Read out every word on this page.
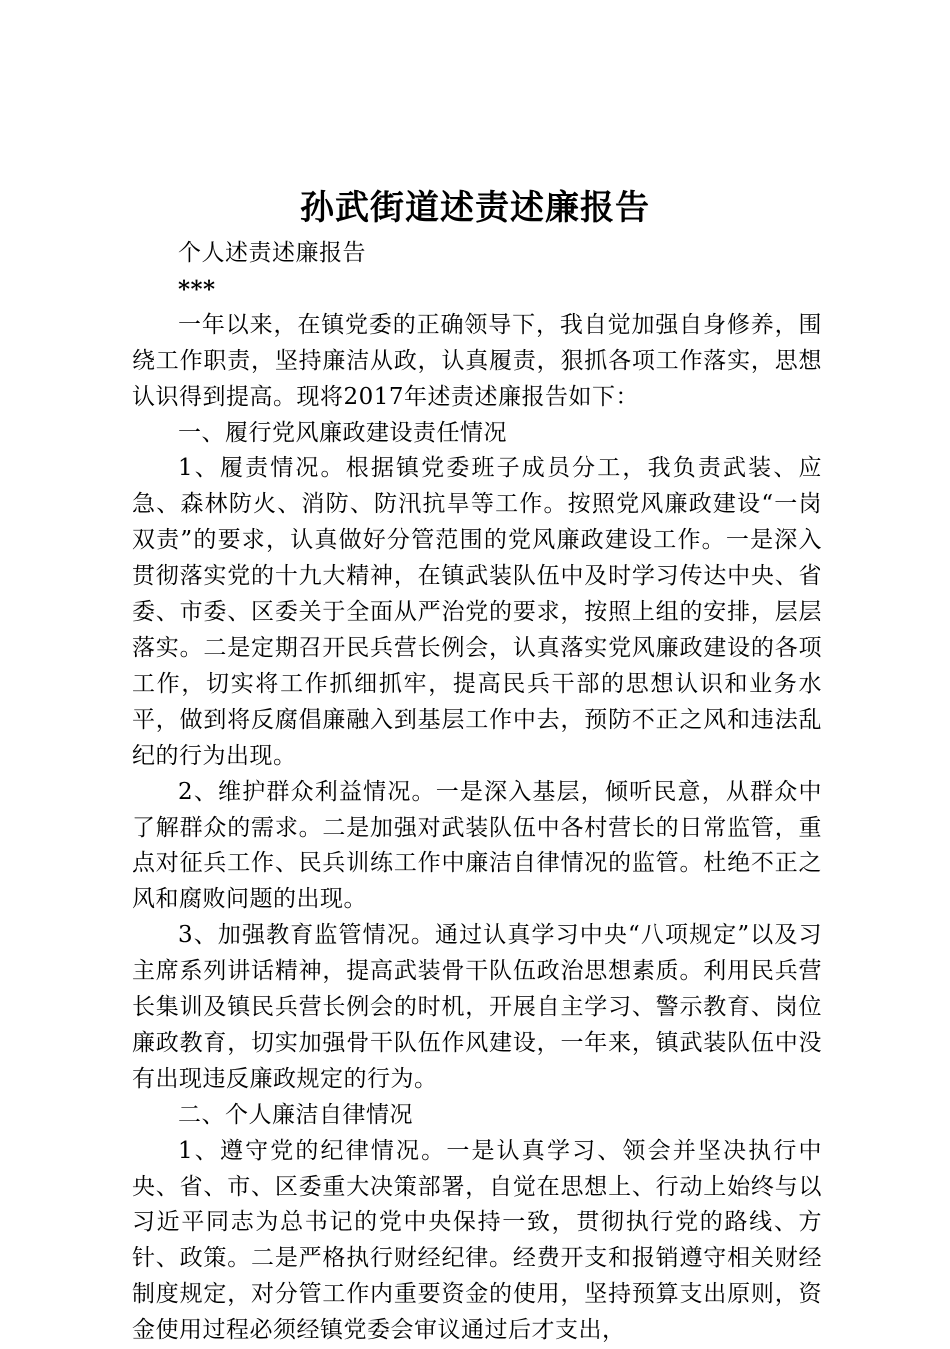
孙武街道述责述廉报告

个人述责述廉报告

***

一年以来，在镇党委的正确领导下，我自觉加强自身修养，围绕工作职责，坚持廉洁从政，认真履责，狠抓各项工作落实，思想认识得到提高。现将2017年述责述廉报告如下：

一、履行党风廉政建设责任情况

1、履责情况。根据镇党委班子成员分工，我负责武装、应急、森林防火、消防、防汛抗旱等工作。按照党风廉政建设“一岗双责”的要求，认真做好分管范围的党风廉政建设工作。一是深入贯彻落实党的十九大精神，在镇武装队伍中及时学习传达中央、省委、市委、区委关于全面从严治党的要求，按照上组的安排，层层落实。二是定期召开民兵营长例会，认真落实党风廉政建设的各项工作，切实将工作抓细抓牢，提高民兵干部的思想认识和业务水平，做到将反腐倡廉融入到基层工作中去，预防不正之风和违法乱纪的行为出现。

2、维护群众利益情况。一是深入基层，倾听民意，从群众中了解群众的需求。二是加强对武装队伍中各村营长的日常监管，重点对征兵工作、民兵训练工作中廉洁自律情况的监管。杜绝不正之风和腐败问题的出现。

3、加强教育监管情况。通过认真学习中央“八项规定”以及习主席系列讲话精神，提高武装骨干队伍政治思想素质。利用民兵营长集训及镇民兵营长例会的时机，开展自主学习、警示教育、岗位廉政教育，切实加强骨干队伍作风建设，一年来，镇武装队伍中没有出现违反廉政规定的行为。

二、个人廉洁自律情况

1、遵守党的纪律情况。一是认真学习、领会并坚决执行中央、省、市、区委重大决策部署，自觉在思想上、行动上始终与以习近平同志为总书记的党中央保持一致，贯彻执行党的路线、方针、政策。二是严格执行财经纪律。经费开支和报销遵守相关财经制度规定，对分管工作内重要资金的使用，坚持预算支出原则，资金使用过程必须经镇党委会审议通过后才支出，
